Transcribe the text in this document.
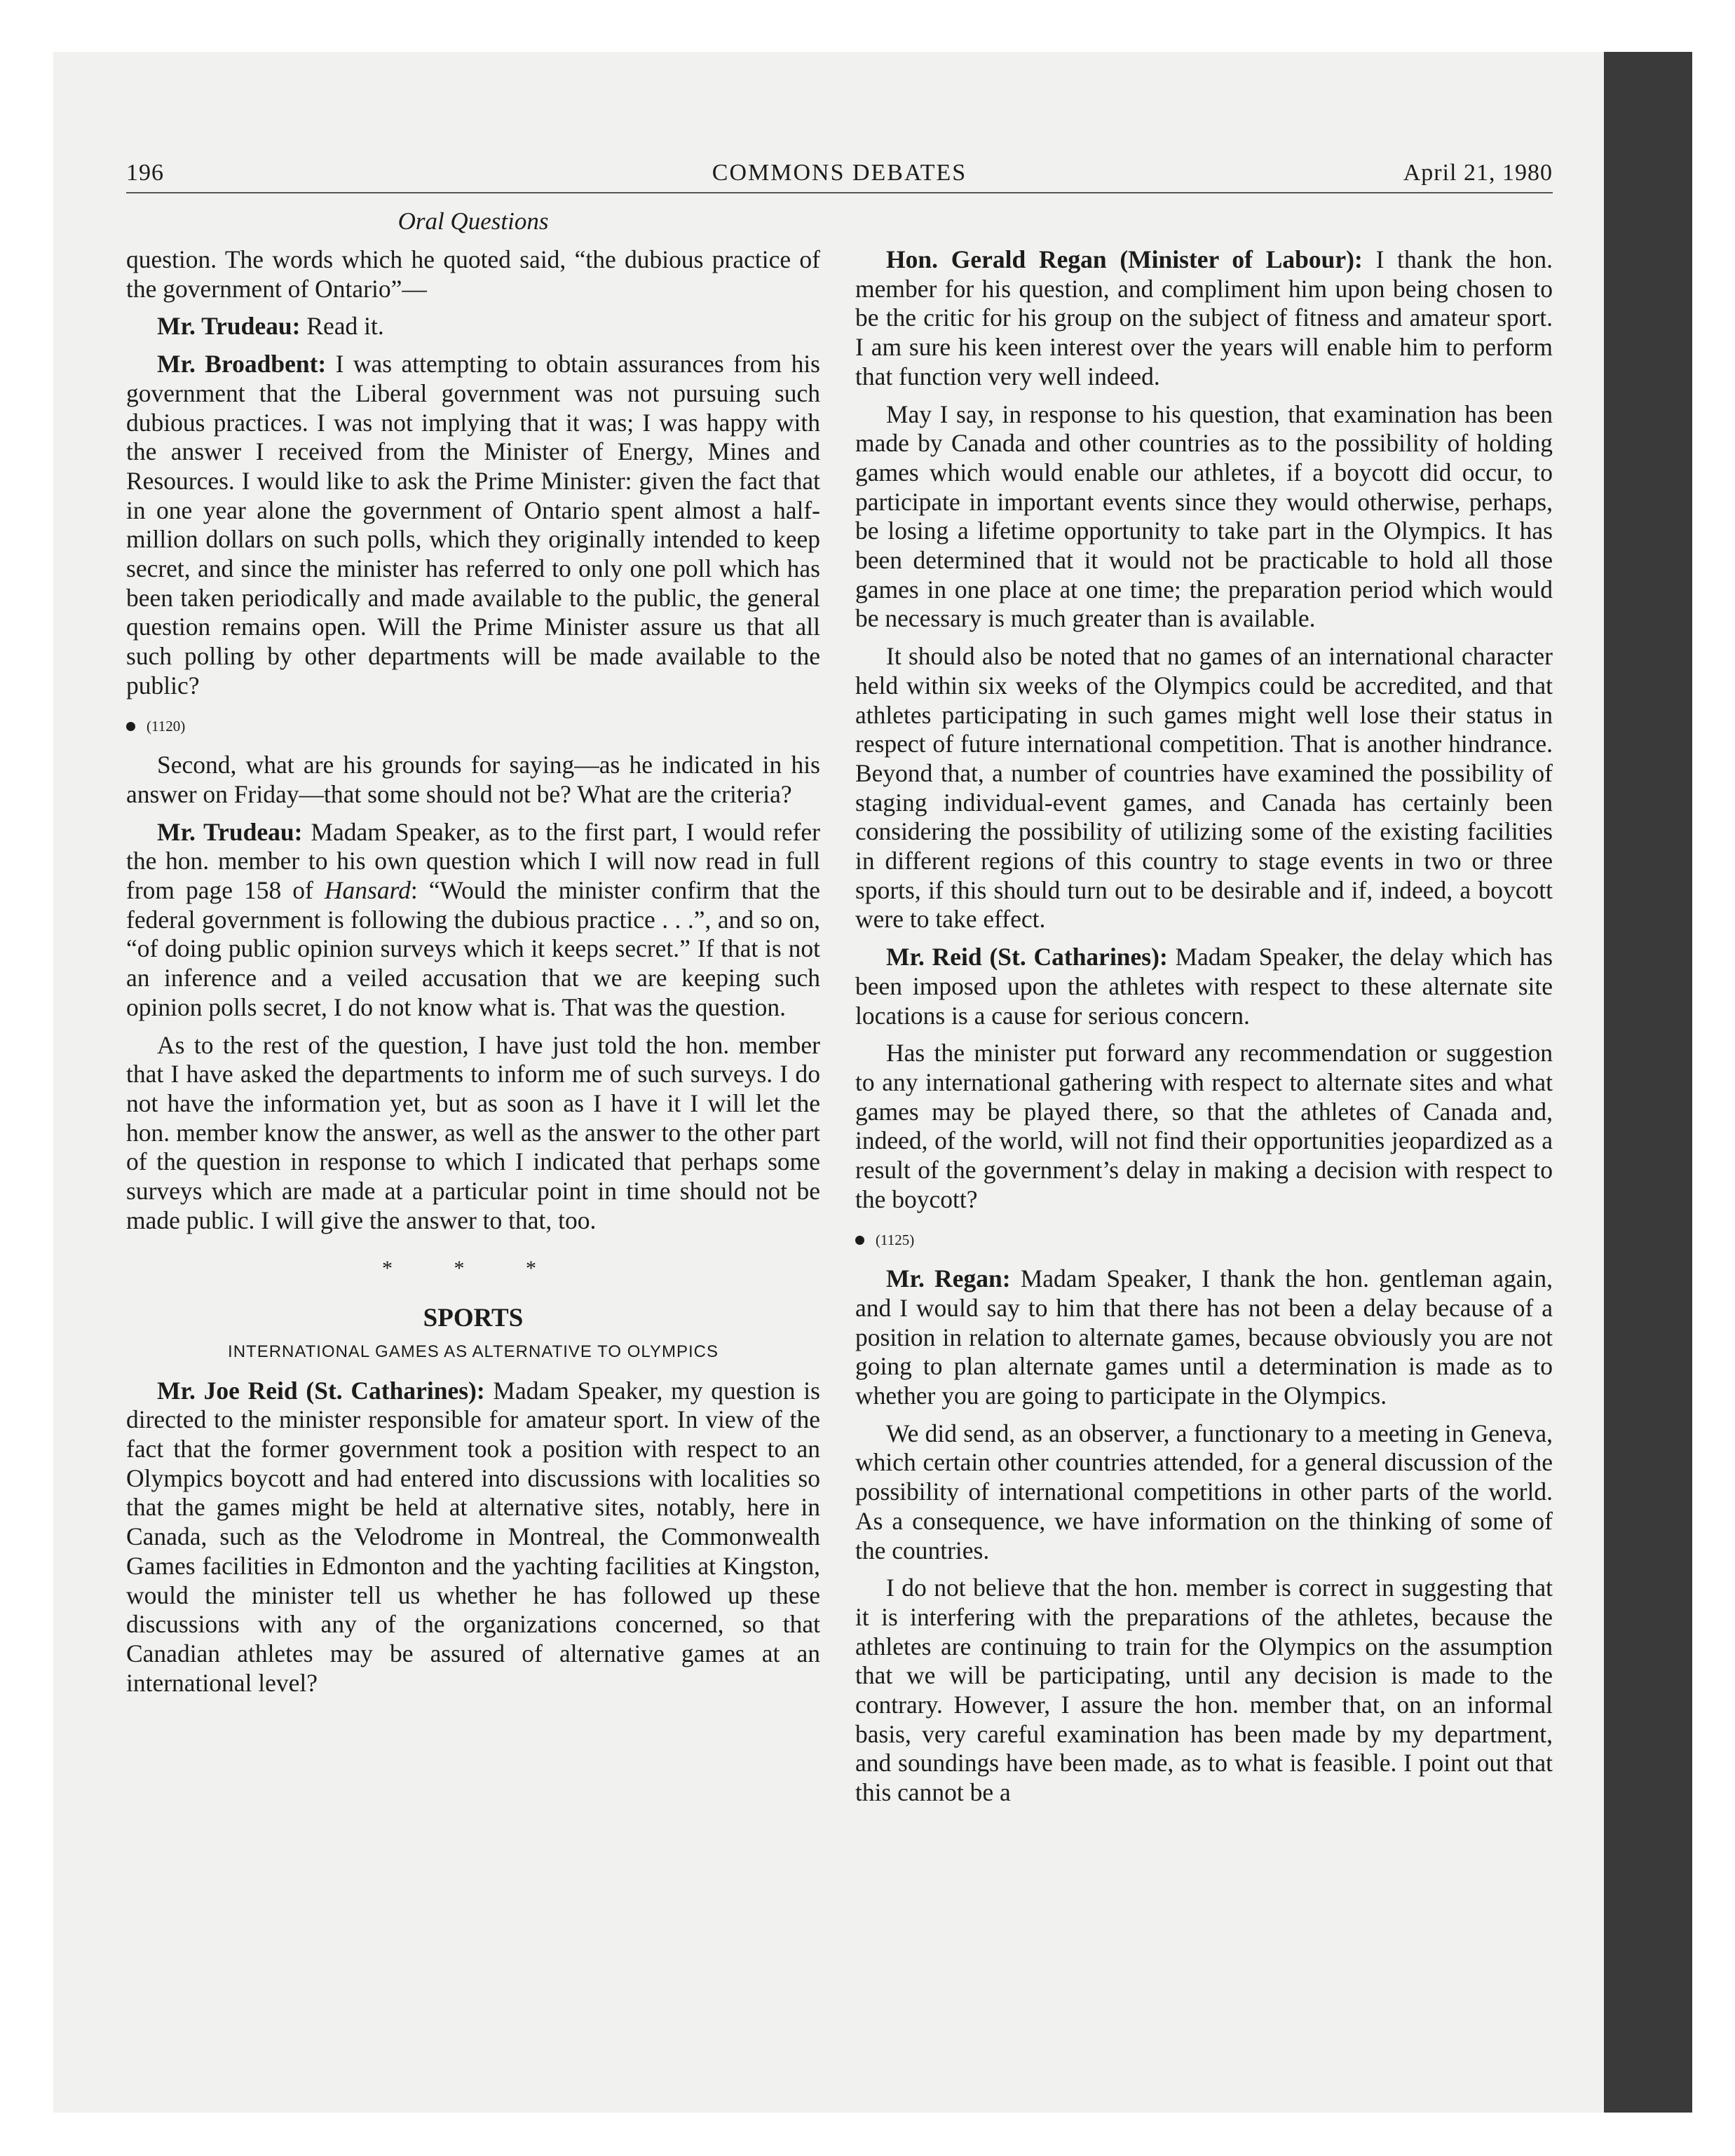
196	COMMONS DEBATES	April 21, 1980
Oral Questions

question. The words which he quoted said, “the dubious practice of the government of Ontario”—

Mr. Trudeau: Read it.

Mr. Broadbent: I was attempting to obtain assurances from his government that the Liberal government was not pursuing such dubious practices. I was not implying that it was; I was happy with the answer I received from the Minister of Energy, Mines and Resources. I would like to ask the Prime Minister: given the fact that in one year alone the government of Ontario spent almost a half-million dollars on such polls, which they originally intended to keep secret, and since the minister has referred to only one poll which has been taken periodically and made available to the public, the general question remains open. Will the Prime Minister assure us that all such polling by other departments will be made available to the public?

(1120)

Second, what are his grounds for saying—as he indicated in his answer on Friday—that some should not be? What are the criteria?

Mr. Trudeau: Madam Speaker, as to the first part, I would refer the hon. member to his own question which I will now read in full from page 158 of Hansard: “Would the minister confirm that the federal government is following the dubious practice . . .”, and so on, “of doing public opinion surveys which it keeps secret.” If that is not an inference and a veiled accusation that we are keeping such opinion polls secret, I do not know what is. That was the question.

As to the rest of the question, I have just told the hon. member that I have asked the departments to inform me of such surveys. I do not have the information yet, but as soon as I have it I will let the hon. member know the answer, as well as the answer to the other part of the question in response to which I indicated that perhaps some surveys which are made at a particular point in time should not be made public. I will give the answer to that, too.

* * *
SPORTS
INTERNATIONAL GAMES AS ALTERNATIVE TO OLYMPICS

Mr. Joe Reid (St. Catharines): Madam Speaker, my question is directed to the minister responsible for amateur sport. In view of the fact that the former government took a position with respect to an Olympics boycott and had entered into discussions with localities so that the games might be held at alternative sites, notably, here in Canada, such as the Velodrome in Montreal, the Commonwealth Games facilities in Edmonton and the yachting facilities at Kingston, would the minister tell us whether he has followed up these discussions with any of the organizations concerned, so that Canadian athletes may be assured of alternative games at an international level?

Hon. Gerald Regan (Minister of Labour): I thank the hon. member for his question, and compliment him upon being chosen to be the critic for his group on the subject of fitness and amateur sport. I am sure his keen interest over the years will enable him to perform that function very well indeed.

May I say, in response to his question, that examination has been made by Canada and other countries as to the possibility of holding games which would enable our athletes, if a boycott did occur, to participate in important events since they would otherwise, perhaps, be losing a lifetime opportunity to take part in the Olympics. It has been determined that it would not be practicable to hold all those games in one place at one time; the preparation period which would be necessary is much greater than is available.

It should also be noted that no games of an international character held within six weeks of the Olympics could be accredited, and that athletes participating in such games might well lose their status in respect of future international competition. That is another hindrance. Beyond that, a number of countries have examined the possibility of staging individual-event games, and Canada has certainly been considering the possibility of utilizing some of the existing facilities in different regions of this country to stage events in two or three sports, if this should turn out to be desirable and if, indeed, a boycott were to take effect.

Mr. Reid (St. Catharines): Madam Speaker, the delay which has been imposed upon the athletes with respect to these alternate site locations is a cause for serious concern.

Has the minister put forward any recommendation or suggestion to any international gathering with respect to alternate sites and what games may be played there, so that the athletes of Canada and, indeed, of the world, will not find their opportunities jeopardized as a result of the government’s delay in making a decision with respect to the boycott?

(1125)

Mr. Regan: Madam Speaker, I thank the hon. gentleman again, and I would say to him that there has not been a delay because of a position in relation to alternate games, because obviously you are not going to plan alternate games until a determination is made as to whether you are going to participate in the Olympics.

We did send, as an observer, a functionary to a meeting in Geneva, which certain other countries attended, for a general discussion of the possibility of international competitions in other parts of the world. As a consequence, we have information on the thinking of some of the countries.

I do not believe that the hon. member is correct in suggesting that it is interfering with the preparations of the athletes, because the athletes are continuing to train for the Olympics on the assumption that we will be participating, until any decision is made to the contrary. However, I assure the hon. member that, on an informal basis, very careful examination has been made by my department, and soundings have been made, as to what is feasible. I point out that this cannot be a
